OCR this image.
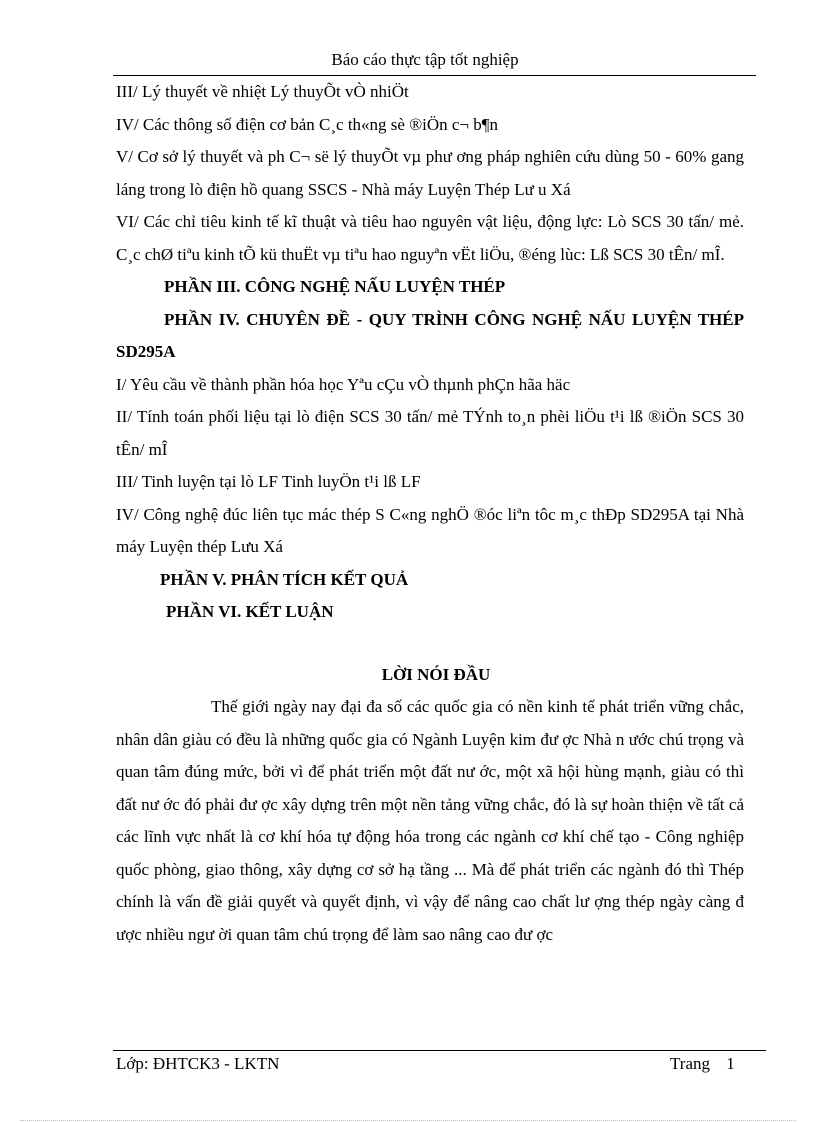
Báo cáo thực tập tốt nghiệp

III/ Lý thuyết về nhiệt Lý thuyÕt vÒ nhiÖt

IV/ Các thông số điện cơ bản C¸c th«ng sè ®iÖn c¬ b¶n

V/ Cơ sở lý thuyết và ph C¬ së lý thuyÕt vµ phư ơng pháp nghiên cứu dùng 50 - 60% gang láng trong lò điện hồ quang SSCS - Nhà máy Luyện Thép Lư u Xá

VI/ Các chỉ tiêu kinh tế kĩ thuật và tiêu hao nguyên vật liệu, động lực: Lò SCS 30 tấn/ mẻ. C¸c chØ tiªu kinh tÕ kü thuËt vµ tiªu hao nguyªn vËt liÖu, ®éng lùc: Lß SCS 30 tÊn/ mÎ.

PHẦN III. CÔNG NGHỆ NẤU LUYỆN THÉP

PHẦN IV. CHUYÊN ĐỀ - QUY TRÌNH CÔNG NGHỆ NẤU LUYỆN THÉP SD295A

I/ Yêu cầu về thành phần hóa học Yªu cÇu vÒ thµnh phÇn hãa häc

II/ Tính toán phối liệu tại lò điện SCS 30 tấn/ mẻ TÝnh to¸n phèi liÖu t¹i lß ®iÖn SCS 30 tÊn/ mÎ

III/ Tinh luyện tại lò LF Tinh luyÖn t¹i lß LF

IV/ Công nghệ đúc liên tục mác thép S C«ng nghÖ ®óc liªn tôc m¸c thÐp SD295A tại Nhà máy Luyện thép Lưu Xá

PHẦN V. PHÂN TÍCH KẾT QUẢ

PHẦN VI. KẾT LUẬN

LỜI NÓI ĐẦU

Thế giới ngày nay đại đa số các quốc gia có nền kinh tế phát triển vững chắc, nhân dân giàu có đều là những quốc gia có Ngành Luyện kim đư ợc Nhà n ước chú trọng và quan tâm đúng mức, bởi vì để phát triển một đất nư ớc, một xã hội hùng mạnh, giàu có thì đất nư ớc đó phải đư ợc xây dựng trên một nền tảng vững chắc, đó là sự hoàn thiện về tất cả các lĩnh vực nhất là cơ khí hóa tự động hóa trong các ngành cơ khí chế tạo - Công nghiệp quốc phòng, giao thông, xây dựng cơ sở hạ tầng ... Mà để phát triển các ngành đó thì Thép chính là vấn đề giải quyết và quyết định, vì vậy để nâng cao chất lư ợng thép ngày càng đ ược nhiều ngư ời quan tâm chú trọng để làm sao nâng cao đư ợc

Lớp: ĐHTCK3 - LKTN	Trang 1
